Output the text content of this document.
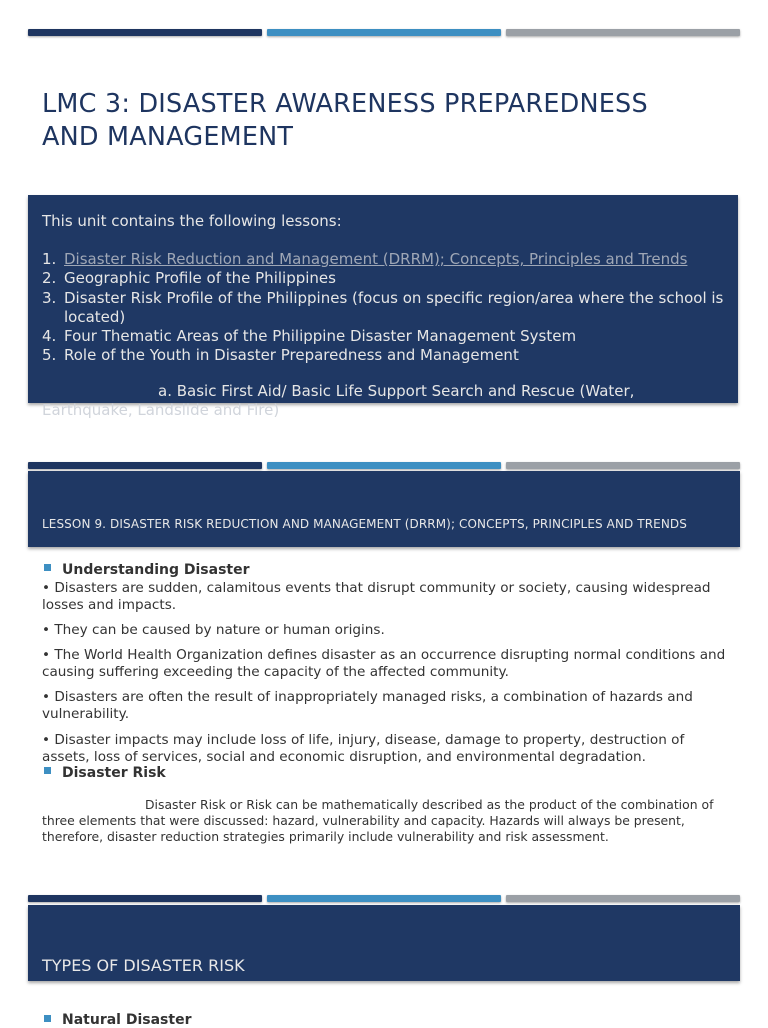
LMC 3: DISASTER AWARENESS PREPAREDNESS
AND MANAGEMENT
This unit contains the following lessons:
1. Disaster Risk Reduction and Management (DRRM); Concepts, Principles and Trends
2. Geographic Profile of the Philippines
3. Disaster Risk Profile of the Philippines (focus on specific region/area where the school is located)
4. Four Thematic Areas of the Philippine Disaster Management System
5. Role of the Youth in Disaster Preparedness and Management
a. Basic First Aid/ Basic Life Support Search and Rescue (Water,
Earthquake, Landslide and Fire)
LESSON 9. DISASTER RISK REDUCTION AND MANAGEMENT (DRRM); CONCEPTS, PRINCIPLES AND TRENDS
Understanding Disaster
• Disasters are sudden, calamitous events that disrupt community or society, causing widespread losses and impacts.
• They can be caused by nature or human origins.
• The World Health Organization defines disaster as an occurrence disrupting normal conditions and causing suffering exceeding the capacity of the affected community.
• Disasters are often the result of inappropriately managed risks, a combination of hazards and vulnerability.
• Disaster impacts may include loss of life, injury, disease, damage to property, destruction of assets, loss of services, social and economic disruption, and environmental degradation.
Disaster Risk
Disaster Risk or Risk can be mathematically described as the product of the combination of three elements that were discussed: hazard, vulnerability and capacity. Hazards will always be present, therefore, disaster reduction strategies primarily include vulnerability and risk assessment.
TYPES OF DISASTER RISK
Natural Disaster
